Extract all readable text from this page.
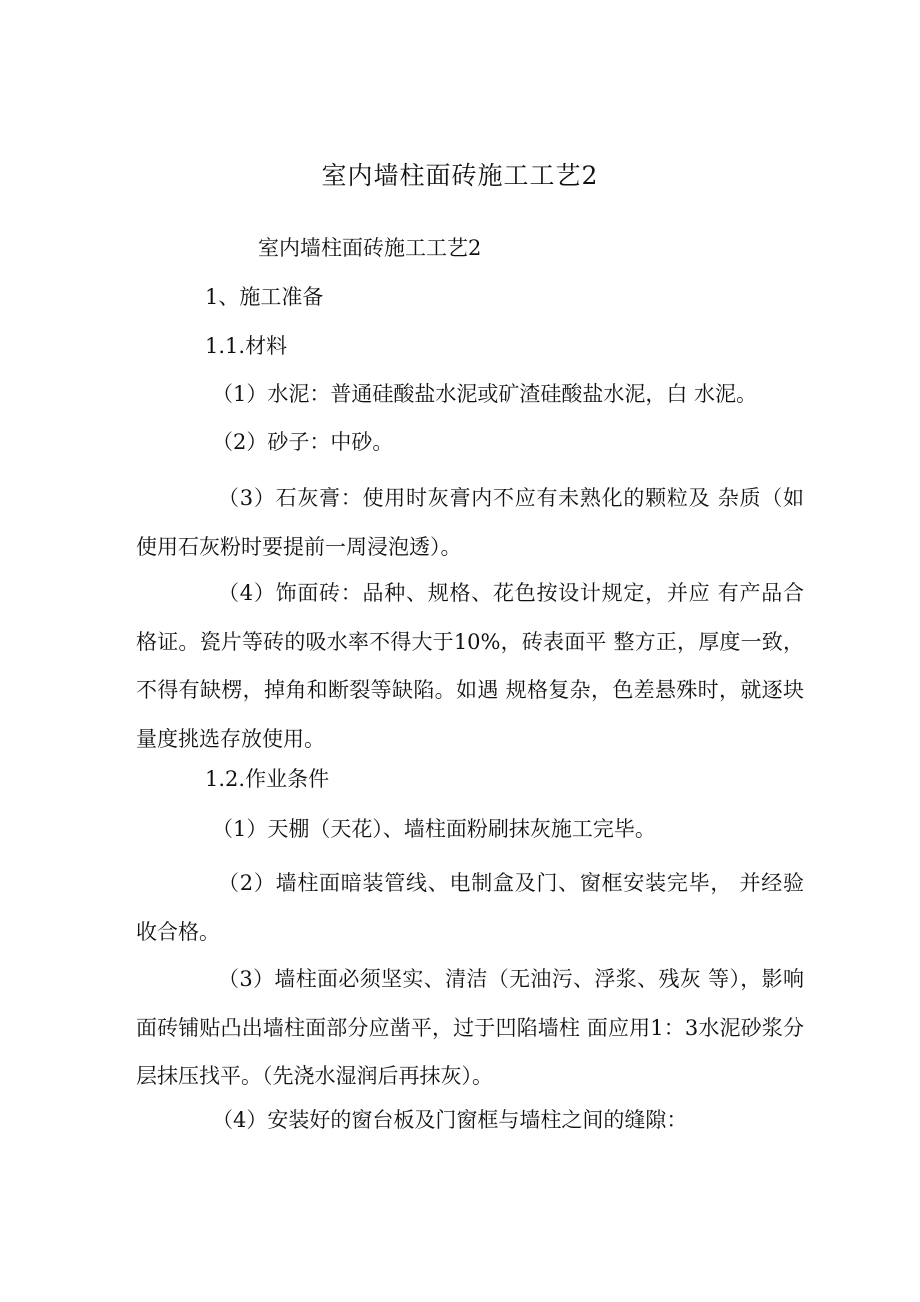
室内墙柱面砖施工工艺2
室内墙柱面砖施工工艺2
1、施工准备
1.1.材料
（1）水泥：普通硅酸盐水泥或矿渣硅酸盐水泥，白 水泥。
（2）砂子：中砂。
（3）石灰膏：使用时灰膏内不应有未熟化的颗粒及 杂质（如使用石灰粉时要提前一周浸泡透）。
（4）饰面砖：品种、规格、花色按设计规定，并应 有产品合格证。瓷片等砖的吸水率不得大于10%，砖表面平 整方正，厚度一致，不得有缺楞，掉角和断裂等缺陷。如遇 规格复杂，色差悬殊时，就逐块量度挑选存放使用。
1.2.作业条件
（1）天棚（天花）、墙柱面粉刷抹灰施工完毕。
（2）墙柱面暗装管线、电制盒及门、窗框安装完毕， 并经验收合格。
（3）墙柱面必须坚实、清洁（无油污、浮浆、残灰 等），影响面砖铺贴凸出墙柱面部分应凿平，过于凹陷墙柱 面应用1：3水泥砂浆分层抹压找平。（先浇水湿润后再抹灰）。
（4）安装好的窗台板及门窗框与墙柱之间的缝隙：
